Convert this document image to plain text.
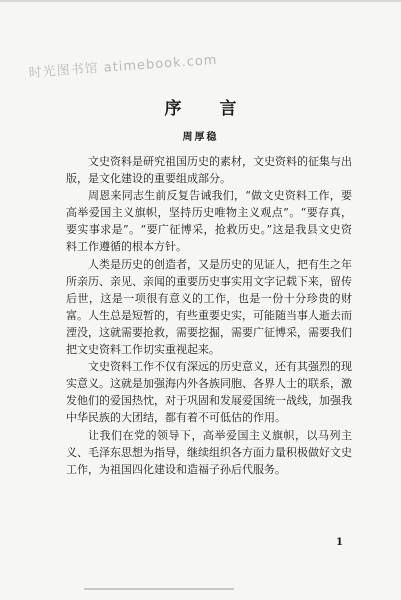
时光图书馆 atimebook.com
序言
周厚稳

文史资料是研究祖国历史的素材，文史资料的征集与出版，是文化建设的重要组成部分。

周恩来同志生前反复告诫我们，“做文史资料工作，要高举爱国主义旗帜，坚持历史唯物主义观点”。“要存真，要实事求是”。“要广征博采，抢救历史。”这是我县文史资料工作遵循的根本方针。

人类是历史的创造者，又是历史的见证人，把有生之年所亲历、亲见、亲闻的重要历史事实用文字记载下来，留传后世，这是一项很有意义的工作，也是一份十分珍贵的财富。人生总是短暂的，有些重要史实，可能随当事人逝去而湮没，这就需要抢救，需要挖掘，需要广征博采，需要我们把文史资料工作切实重视起来。

文史资料工作不仅有深远的历史意义，还有其强烈的现实意义。这就是加强海内外各族同胞、各界人士的联系，激发他们的爱国热忱，对于巩固和发展爱国统一战线，加强我中华民族的大团结，都有着不可低估的作用。

让我们在党的领导下，高举爱国主义旗帜，以马列主义、毛泽东思想为指导，继续组织各方面力量积极做好文史工作，为祖国四化建设和造福子孙后代服务。

1
